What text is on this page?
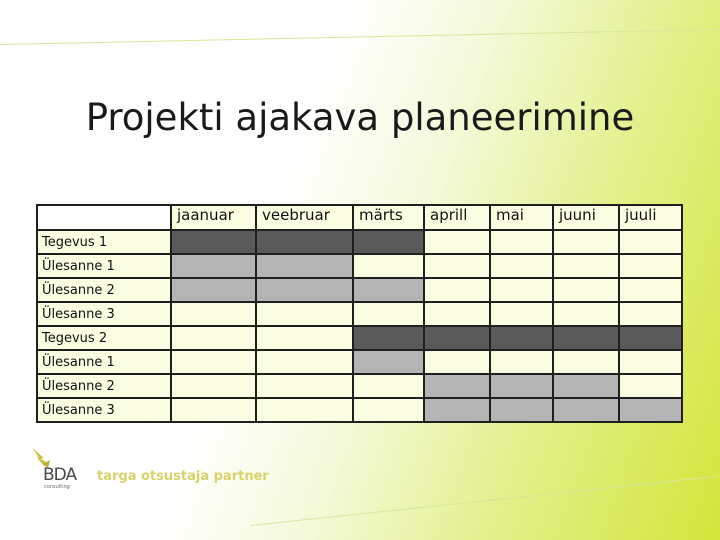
Projekti ajakava planeerimine
	jaanuar	veebruar	märts	aprill	mai	juuni	juuli
Tegevus 1							
Ülesanne 1							
Ülesanne 2							
Ülesanne 3							
Tegevus 2							
Ülesanne 1							
Ülesanne 2							
Ülesanne 3							
BDA
consulting
targa otsustaja partner
